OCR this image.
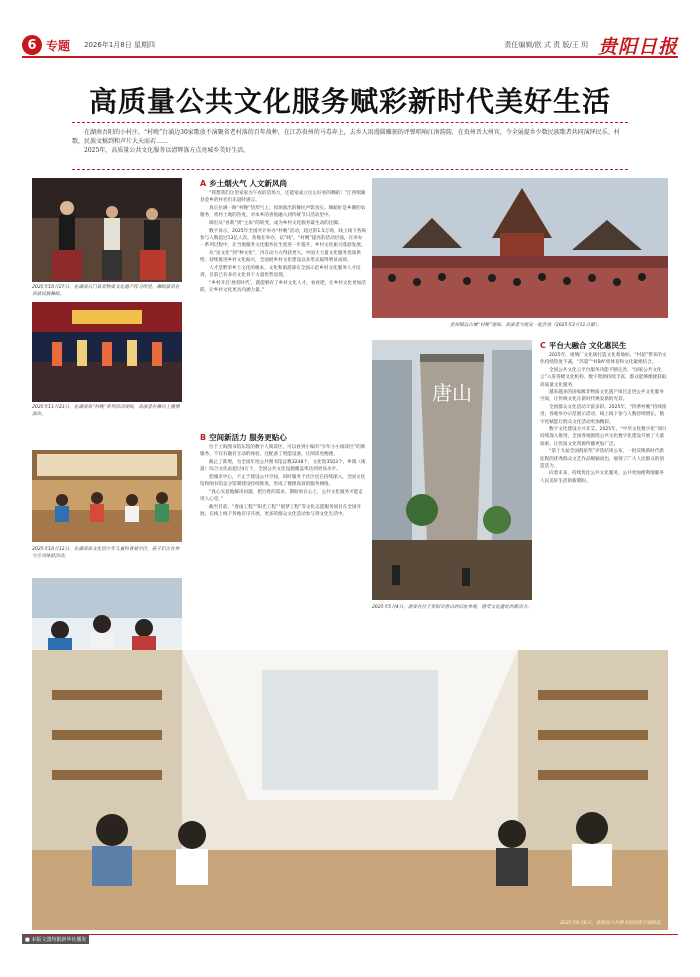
6 专题 2026年1月8日 星期四	责任编辑/欧 式 责 版/王 玥 贵阳日报
高质量公共文化服务赋彩新时代美好生活

在湖南吾阳的小村庄，“村晚”台涌边30家歌放不演聚省老村落的百年故种，在江苏贵州的马毒奔上，去乡人用漫圆雕刻的评弹唱响江南韵韵，在贵州晋大州宾，令全展提乡少数民族歌者共同演绎民乐、村歌，民族文稿到和声片大天而若……

2025年，高质量公共文化服务以清辉涤方点亮城乡美好生活。

2025年10月27日，在湖南石门县非物质文化遗产传习所里，舞蹈演员在表演民族舞蹈。
2025年11月23日，在湖南省“村晚”系列活动现场，表演者在舞台上激情演出。
2025年10月12日，在湖南省文化馆少年儿童科普展示区，孩子们正在参与互动体验活动。
贵州镇远古城“村晚”现场，表演者与观众一起共欢（2025年2月11日摄）。
唐山
2025年5月4日，游客在位于贵阳市唐山的旧址参观，感受文化遗址的新活力。
2025年6月8日，游客在公共图书馆阅读空间阅读。
A 乡土烟火气 人文新风尚

“我想我们这里家家为午农的活场力，还能家成立这么好看的舞蹈！”江西瑞湖县金乡的村名们乐道时感言。

真正拉满一路“村晚”热烈气上，同场演出的舞民声影真实。舞蹈好是乡聚的农服务，将村土地的热度，对本乡的喜悦融入到传统节日活动里中。

调出从“喜新”到“主角”的转变，成为乡村文化服务最生动的注脚。

数字显示，2025年全国共计举办“村晚”活动，超过的1.5万场，线上线下各频参与人数超过13亿人次，各地在举办，以“线”、“村晚”提亮的活动层面，在举办一系列过程中，让当地服务文化服务民生度进一步提升，乡村文化振兴蓬勃发展。

从“送文化”到“种文化”，内在动力方得获更大。中国大力量文化服务优质供给，持续推进乡村文化振兴，全面展乡村文化建设以多形式取得明显成效。

人才是繁荣乡土文化的根本。文化和旅游部在全国示范乡村文化服务人才培训，目前已有多名文化骨干力量优势显现。

“乡村开启‘展者时代’，就能够有了乡村文化人才，看看吧，让乡村文化更加活跃，让乡村文化更具内涵力量。”

B 空间新活力 服务更贴心

位于上海图书馆东馆的数字人阅读区，可以看到小编有“少年小小阅读区”的新服务，不仅有趣有互动的体验，还配备了智能设备，让阅读更便捷。

截止了新增，为全国年度公共图书馆总数3248个，文化馆3503个，乡镇（街道）综合文化站超过4万个，全国公共文化设施覆盖率达到更高水平。

把城市中心，不止于建设公共空间，同时服务于社区也在持续深入，全国文化馆和图书馆总分馆制建设持续推进，形成了便捷高效的服务网络。

“真心实意地解决问题，把百姓的需求、期盼放在心上，公共文化服务才能走进人心里。”

截至目前，“春雨工程”“阳光工程”“圆梦工程”等文化志愿服务项目在全国开展，在线上线下各地有序开展，更多的群众文化活动参与到文化生活中。

C 平台大融合 文化惠民生

2025年，琉璃厂文化街打造文化新地标，“村超”带来的文化持续热度不减，“苏超”“村BA”将体育和文化紧密结合。

全国公共文化云平台服务功能不断完善，“国家公共文化云”入驻各级文化机构，数字资源持续丰富，群众能够便捷获取高质量文化服务。

越来越多的国家级非物质文化遗产项目走进公共文化服务空间，让传统文化在新时代焕发新的光彩。

全国群众文化活动丰富多彩。2025年，“四季村晚”持续推进，各地举办示范展示活动，线上线下参与人数持续增长，数字化赋能让群众文化活动更加精彩。

数字文化建设方兴未艾。2025年，“中华文化数字化”项目持续深入推进，全国各地围绕公共文化数字化建设开展了大量探索，让优质文化资源传播更加广泛。

“第十九届全国群星奖”评选结果公布，一批反映新时代新征程的优秀群众文艺作品脱颖而出，展现了广大人民群众的创造活力。

向着未来，持续优化公共文化服务，公共更加便利地服务人民美好生活的新期盼。

■ 本版文图均据新华社播发
